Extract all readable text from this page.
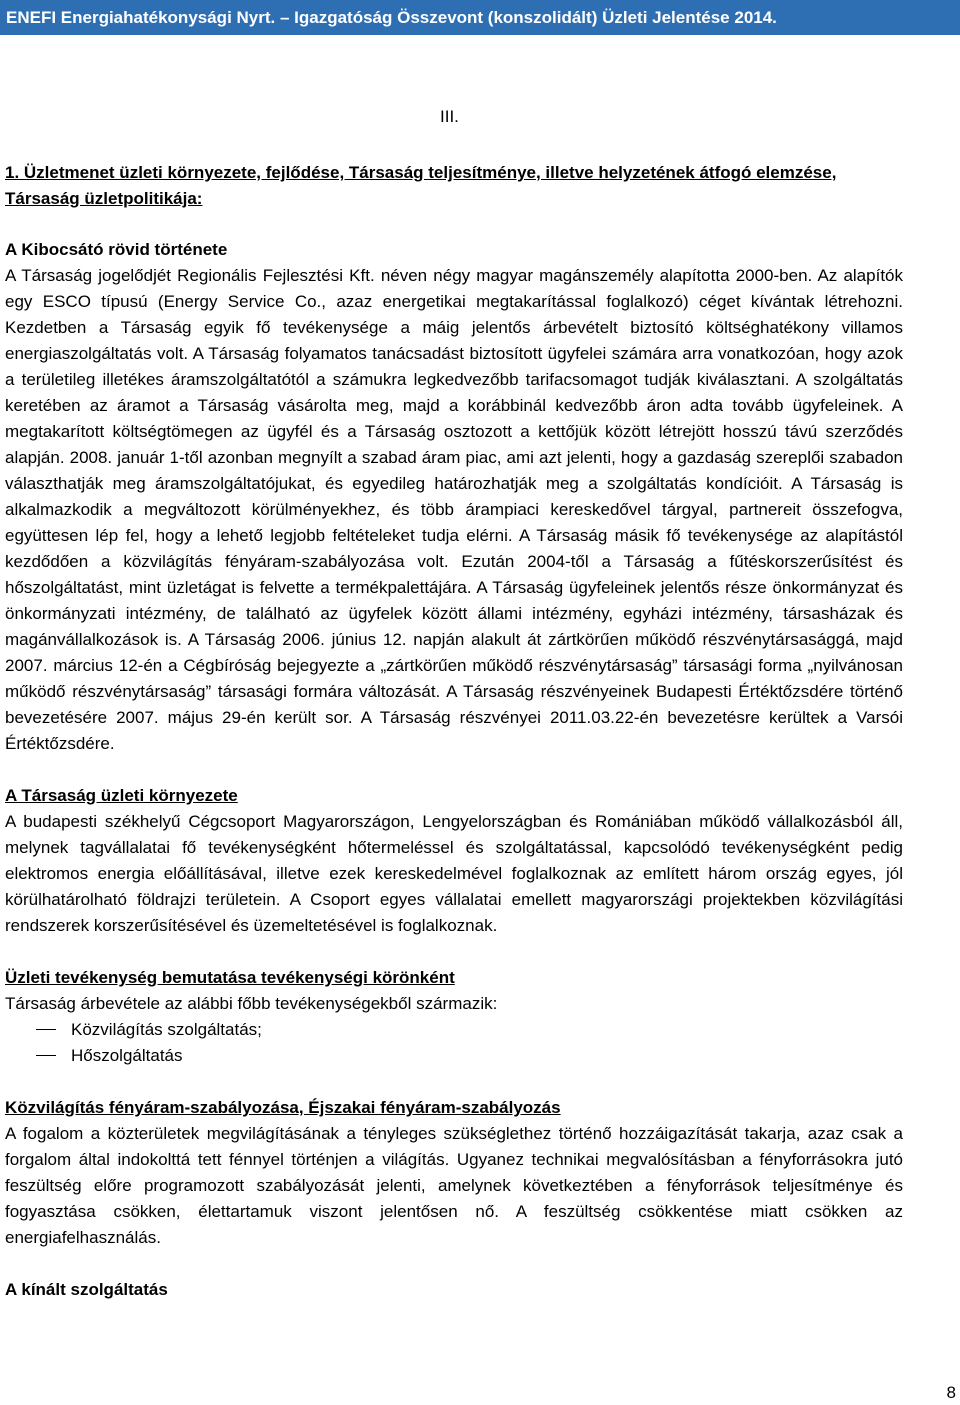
ENEFI Energiahatékonysági Nyrt. – Igazgatóság Összevont (konszolidált) Üzleti Jelentése 2014.
III.

1. Üzletmenet üzleti környezete, fejlődése, Társaság teljesítménye, illetve helyzetének átfogó elemzése, Társaság üzletpolitikája:

A Kibocsátó rövid története

A Társaság jogelődjét Regionális Fejlesztési Kft. néven négy magyar magánszemély alapította 2000-ben. Az alapítók egy ESCO típusú (Energy Service Co., azaz energetikai megtakarítással foglalkozó) céget kívántak létrehozni. Kezdetben a Társaság egyik fő tevékenysége a máig jelentős árbevételt biztosító költséghatékony villamos energiaszolgáltatás volt. A Társaság folyamatos tanácsadást biztosított ügyfelei számára arra vonatkozóan, hogy azok a területileg illetékes áramszolgáltatótól a számukra legkedvezőbb tarifacsomagot tudják kiválasztani. A szolgáltatás keretében az áramot a Társaság vásárolta meg, majd a korábbinál kedvezőbb áron adta tovább ügyfeleinek. A megtakarított költségtömegen az ügyfél és a Társaság osztozott a kettőjük között létrejött hosszú távú szerződés alapján. 2008. január 1-től azonban megnyílt a szabad áram piac, ami azt jelenti, hogy a gazdaság szereplői szabadon választhatják meg áramszolgáltatójukat, és egyedileg határozhatják meg a szolgáltatás kondícióit. A Társaság is alkalmazkodik a megváltozott körülményekhez, és több árampiaci kereskedővel tárgyal, partnereit összefogva, együttesen lép fel, hogy a lehető legjobb feltételeket tudja elérni. A Társaság másik fő tevékenysége az alapítástól kezdődően a közvilágítás fényáram-szabályozása volt. Ezután 2004-től a Társaság a fűtéskorszerűsítést és hőszolgáltatást, mint üzletágat is felvette a termékpalettájára. A Társaság ügyfeleinek jelentős része önkormányzat és önkormányzati intézmény, de található az ügyfelek között állami intézmény, egyházi intézmény, társasházak és magánvállalkozások is. A Társaság 2006. június 12. napján alakult át zártkörűen működő részvénytársasággá, majd 2007. március 12-én a Cégbíróság bejegyezte a „zártkörűen működő részvénytársaság” társasági forma „nyilvánosan működő részvénytársaság” társasági formára változását. A Társaság részvényeinek Budapesti Értéktőzsdére történő bevezetésére 2007. május 29-én került sor. A Társaság részvényei 2011.03.22-én bevezetésre kerültek a Varsói Értéktőzsdére.

A Társaság üzleti környezete

A budapesti székhelyű Cégcsoport Magyarországon, Lengyelországban és Romániában működő vállalkozásból áll, melynek tagvállalatai fő tevékenységként hőtermeléssel és szolgáltatással, kapcsolódó tevékenységként pedig elektromos energia előállításával, illetve ezek kereskedelmével foglalkoznak az említett három ország egyes, jól körülhatárolható földrajzi területein. A Csoport egyes vállalatai emellett magyarországi projektekben közvilágítási rendszerek korszerűsítésével és üzemeltetésével is foglalkoznak.

Üzleti tevékenység bemutatása tevékenységi körönként

Társaság árbevétele az alábbi főbb tevékenységekből származik:

Közvilágítás szolgáltatás;
Hőszolgáltatás

Közvilágítás fényáram-szabályozása, Éjszakai fényáram-szabályozás

A fogalom a közterületek megvilágításának a tényleges szükséglethez történő hozzáigazítását takarja, azaz csak a forgalom által indokolttá tett fénnyel történjen a világítás. Ugyanez technikai megvalósításban a fényforrásokra jutó feszültség előre programozott szabályozását jelenti, amelynek következtében a fényforrások teljesítménye és fogyasztása csökken, élettartamuk viszont jelentősen nő. A feszültség csökkentése miatt csökken az energiafelhasználás.

A kínált szolgáltatás

8
